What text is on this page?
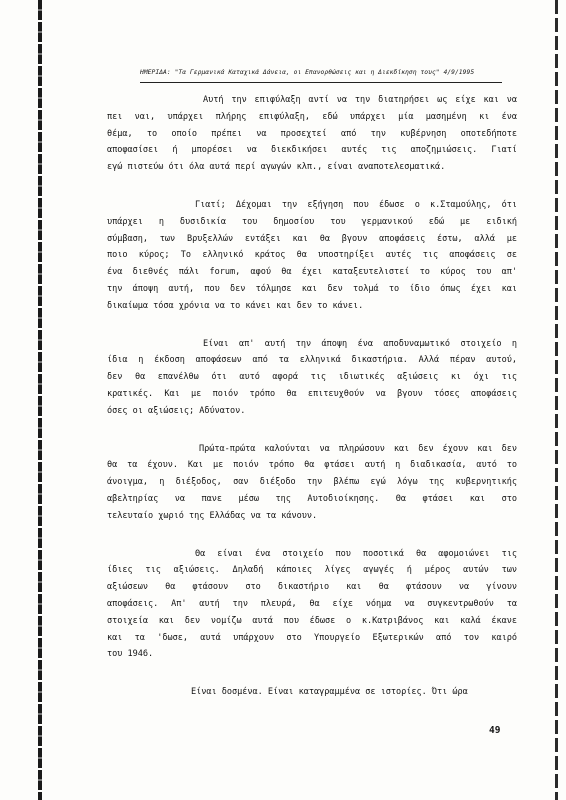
ΗΜΕΡΙΔΑ: "Τα Γερμανικά Καταχικά Δάνεια, οι Επανορθώσεις και η Διεκδίκηση τους" 4/9/1995
Αυτή την επιφύλαξη αντί να την διατηρήσει ως είχε και να
πει ναι, υπάρχει πλήρης επιφύλαξη, εδώ υπάρχει μία μασημένη κι ένα
θέμα, το οποίο πρέπει να προσεχτεί από την κυβέρνηση οποτεδήποτε
αποφασίσει ή μπορέσει να διεκδικήσει αυτές τις αποζημιώσεις. Γιατί
εγώ πιστεύω ότι όλα αυτά περί αγωγών κλπ., είναι αναποτελεσματικά.
Γιατί; Δέχομαι την εξήγηση που έδωσε ο κ.Σταμούλης, ότι
υπάρχει η δυσιδικία του δημοσίου του γερμανικού εδώ με ειδική
σύμβαση, των Βρυξελλών εντάξει και θα βγουν αποφάσεις έστω, αλλά με
ποιο κύρος; Το ελληνικό κράτος θα υποστηρίξει αυτές τις αποφάσεις σε
ένα διεθνές πάλι forum, αφού θα έχει καταξευτελιστεί το κύρος του απ'
την άποψη αυτή, που δεν τόλμησε και δεν τολμά το ίδιο όπως έχει και
δικαίωμα τόσα χρόνια να το κάνει και δεν το κάνει.
Είναι απ' αυτή την άποψη ένα αποδυναμωτικό στοιχείο η
ίδια η έκδοση αποφάσεων από τα ελληνικά δικαστήρια. Αλλά πέραν αυτού,
δεν θα επανέλθω ότι αυτό αφορά τις ιδιωτικές αξιώσεις κι όχι τις
κρατικές. Και με ποιόν τρόπο θα επιτευχθούν να βγουν τόσες αποφάσεις
όσες οι αξιώσεις; Αδύνατον.
Πρώτα-πρώτα καλούνται να πληρώσουν και δεν έχουν και δεν
θα τα έχουν. Και με ποιόν τρόπο θα φτάσει αυτή η διαδικασία, αυτό το
άνοιγμα, η διέξοδος, σαν διέξοδο την βλέπω εγώ λόγω της κυβερνητικής
αβελτηρίας να πανε μέσω της Αυτοδιοίκησης. Θα φτάσει και στο
τελευταίο χωριό της Ελλάδας να τα κάνουν.
Θα είναι ένα στοιχείο που ποσοτικά θα αφομοιώνει τις
ίδιες τις αξιώσεις. Δηλαδή κάποιες λίγες αγωγές ή μέρος αυτών των
αξιώσεων θα φτάσουν στο δικαστήριο και θα φτάσουν να γίνουν
αποφάσεις. Απ' αυτή την πλευρά, θα είχε νόημα να συγκεντρωθούν τα
στοιχεία και δεν νομίζω αυτά που έδωσε ο κ.Κατριβάνος και καλά έκανε
και τα 'δωσε, αυτά υπάρχουν στο Υπουργείο Εξωτερικών από τον καιρό
του 1946.
Είναι δοσμένα. Είναι καταγραμμένα σε ιστορίες. Ότι ώρα
49
